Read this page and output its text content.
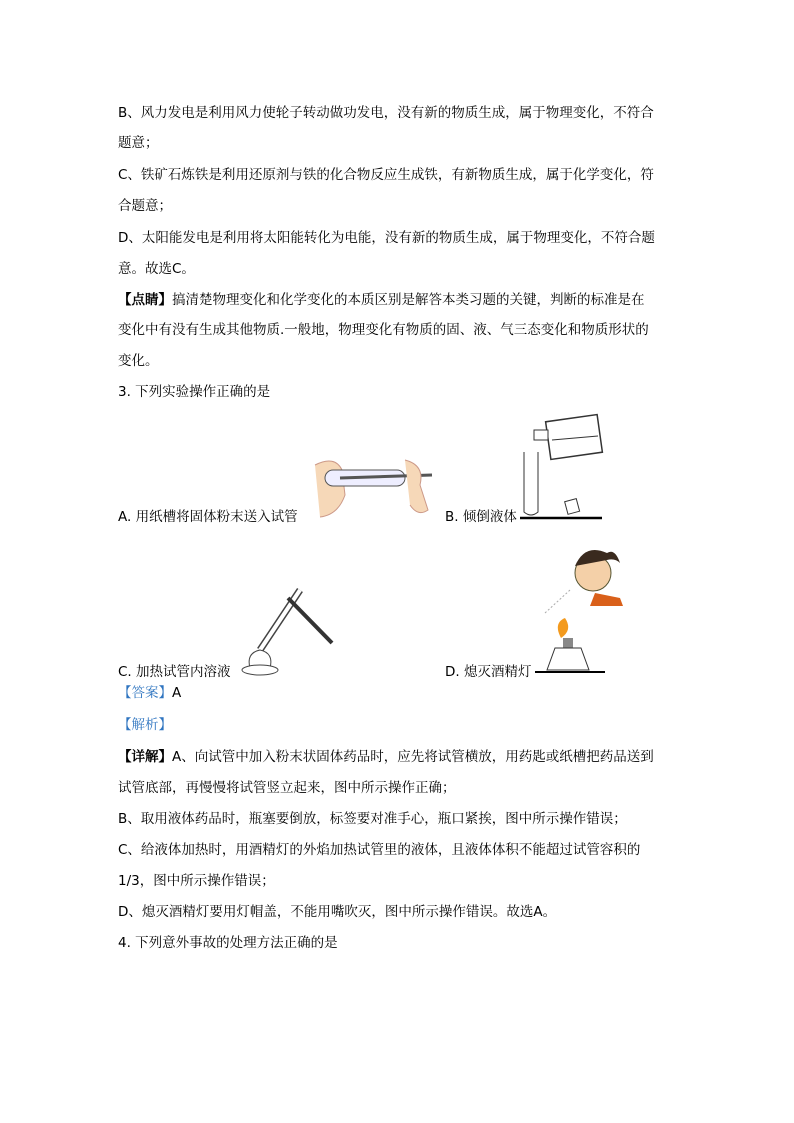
B、风力发电是利用风力使轮子转动做功发电，没有新的物质生成，属于物理变化，不符合
题意；
C、铁矿石炼铁是利用还原剂与铁的化合物反应生成铁，有新物质生成，属于化学变化，符
合题意；
D、太阳能发电是利用将太阳能转化为电能，没有新的物质生成，属于物理变化，不符合题
意。故选C。
【点睛】搞清楚物理变化和化学变化的本质区别是解答本类习题的关键，判断的标准是在
变化中有没有生成其他物质.一般地，物理变化有物质的固、液、气三态变化和物质形状的
变化。
3. 下列实验操作正确的是
A. 用纸槽将固体粉末送入试管	B. 倾倒液体
C. 加热试管内溶液	D. 熄灭酒精灯
【答案】A
【解析】
【详解】A、向试管中加入粉末状固体药品时，应先将试管横放，用药匙或纸槽把药品送到
试管底部，再慢慢将试管竖立起来，图中所示操作正确；
B、取用液体药品时，瓶塞要倒放，标签要对准手心，瓶口紧挨，图中所示操作错误；
C、给液体加热时，用酒精灯的外焰加热试管里的液体，且液体体积不能超过试管容积的
1/3，图中所示操作错误；
D、熄灭酒精灯要用灯帽盖，不能用嘴吹灭，图中所示操作错误。故选A。
4. 下列意外事故的处理方法正确的是
